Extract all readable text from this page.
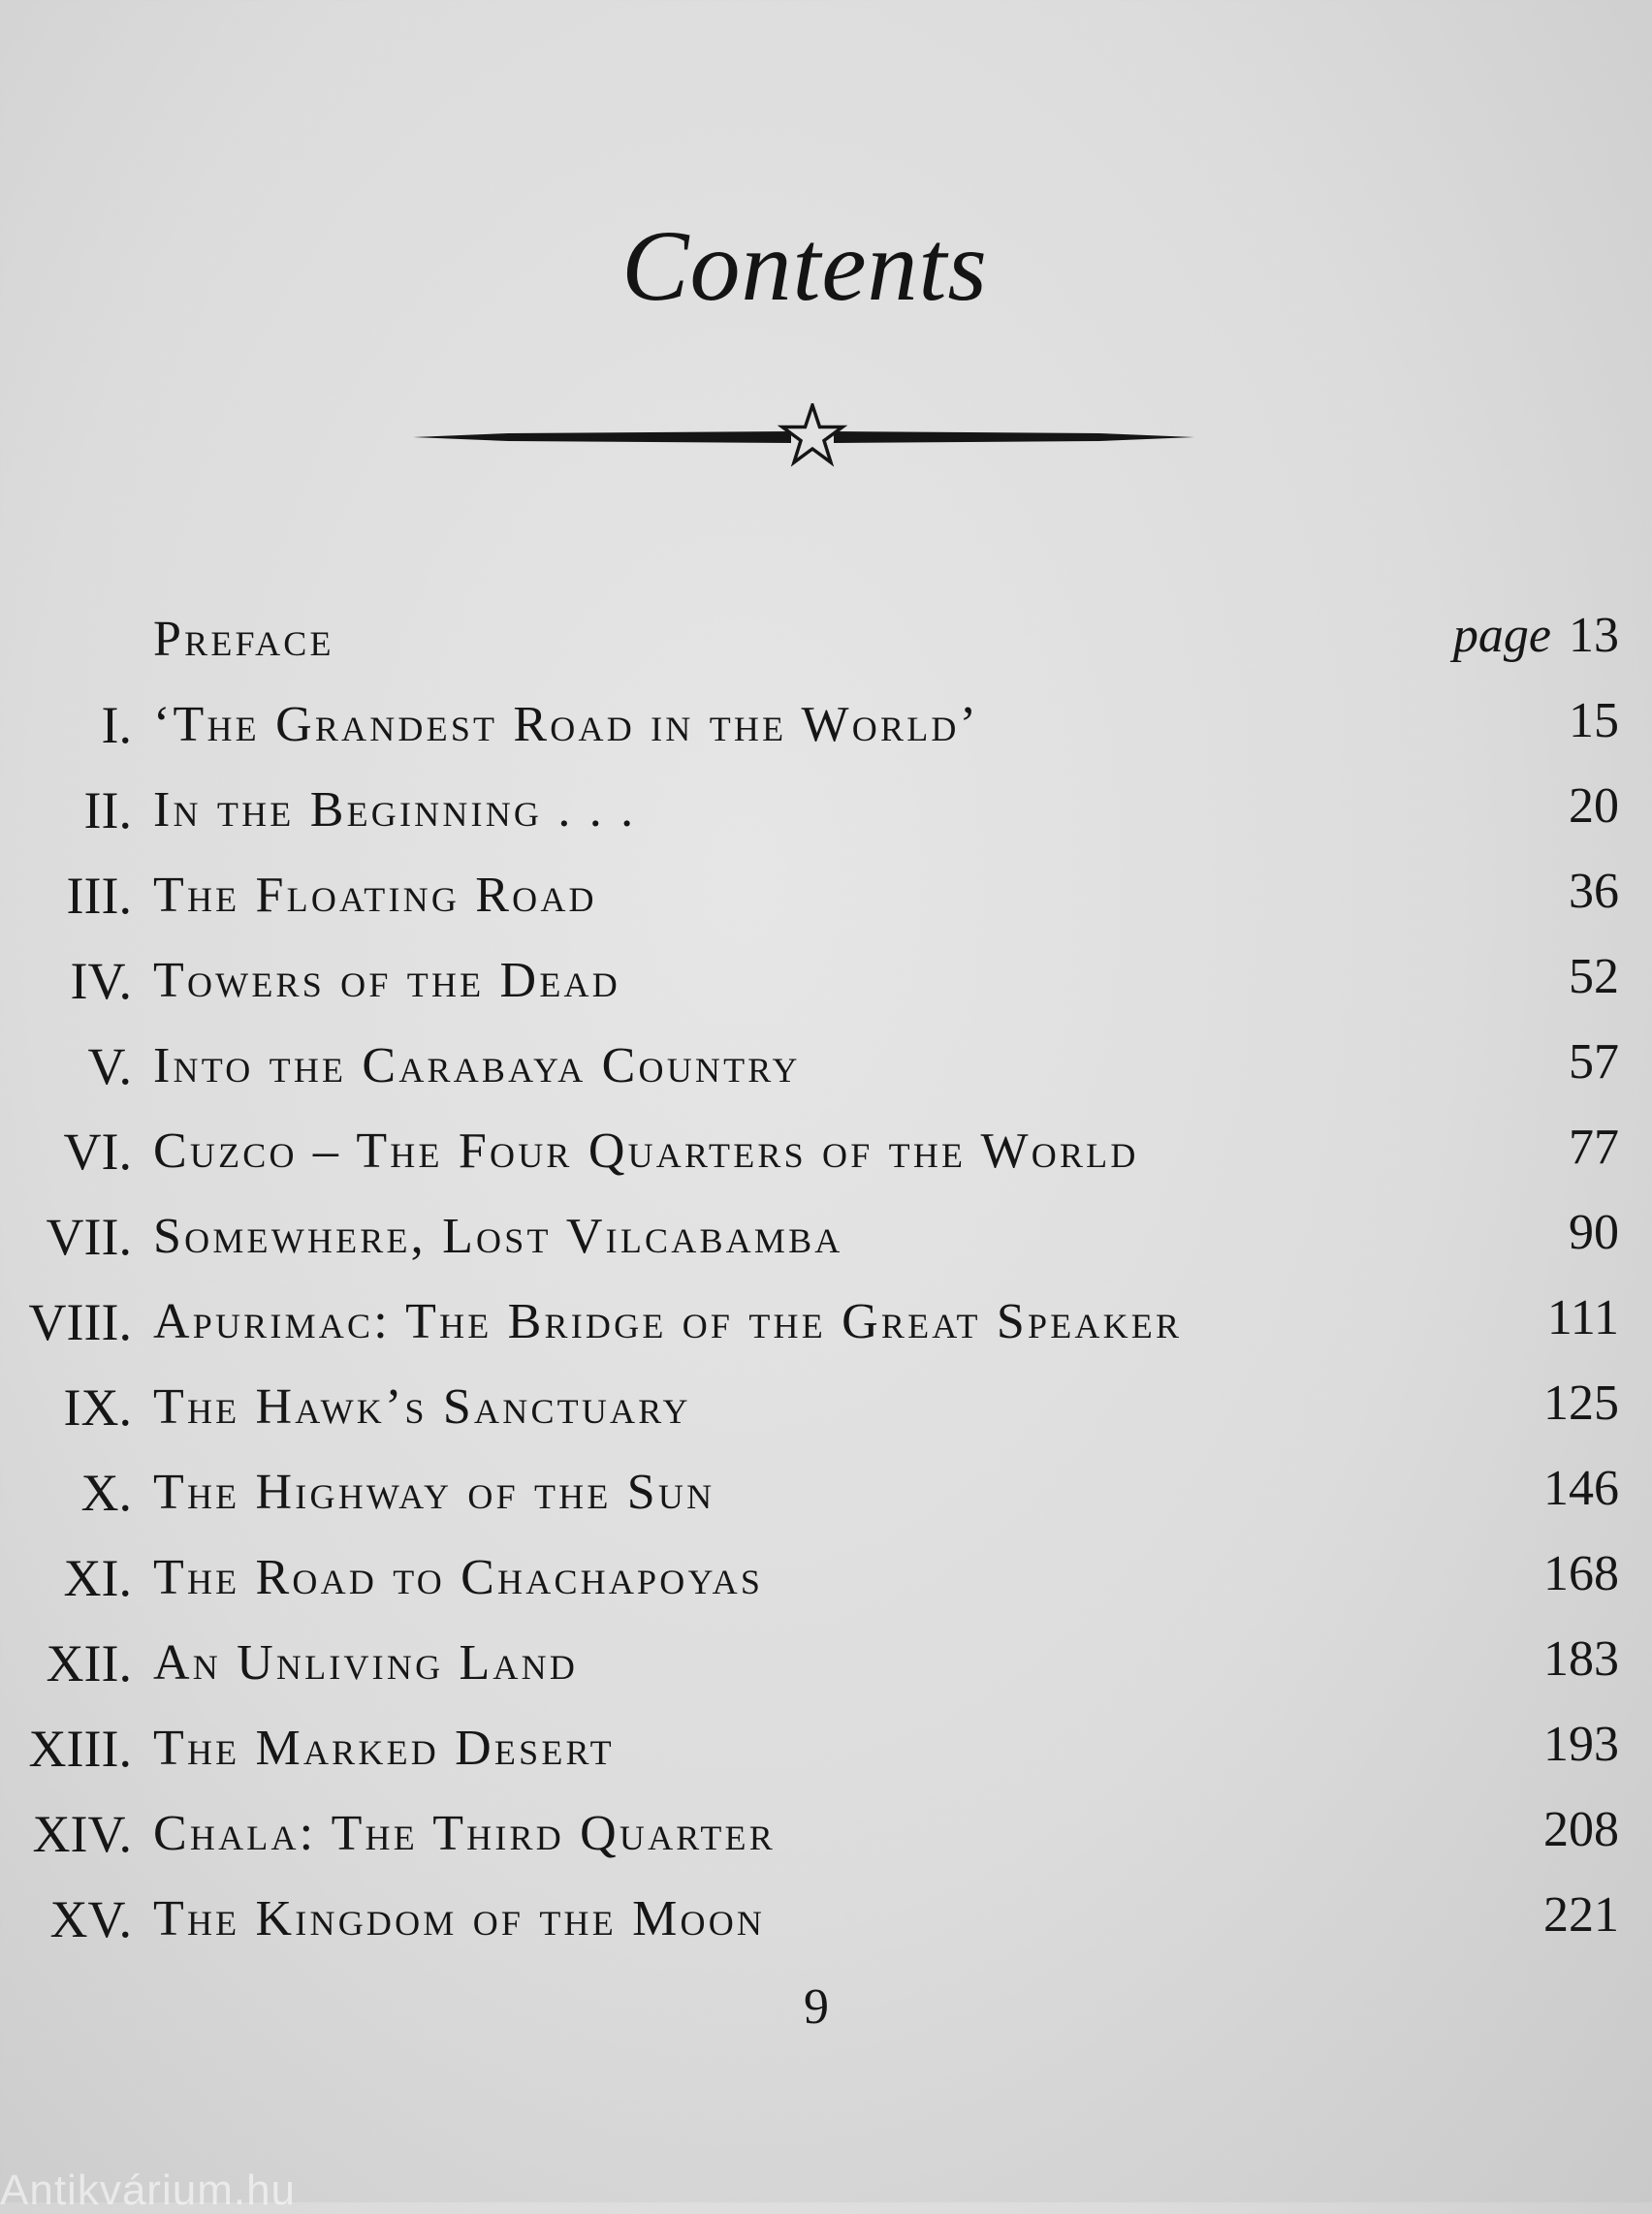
Contents
Preface	page 13
I. ‘The Grandest Road in the World’	15
II. In the Beginning . . .	20
III. The Floating Road	36
IV. Towers of the Dead	52
V. Into the Carabaya Country	57
VI. Cuzco – The Four Quarters of the World	77
VII. Somewhere, Lost Vilcabamba	90
VIII. Apurimac: The Bridge of the Great Speaker	111
IX. The Hawk’s Sanctuary	125
X. The Highway of the Sun	146
XI. The Road to Chachapoyas	168
XII. An Unliving Land	183
XIII. The Marked Desert	193
XIV. Chala: The Third Quarter	208
XV. The Kingdom of the Moon	221
9
Antikvárium.hu
